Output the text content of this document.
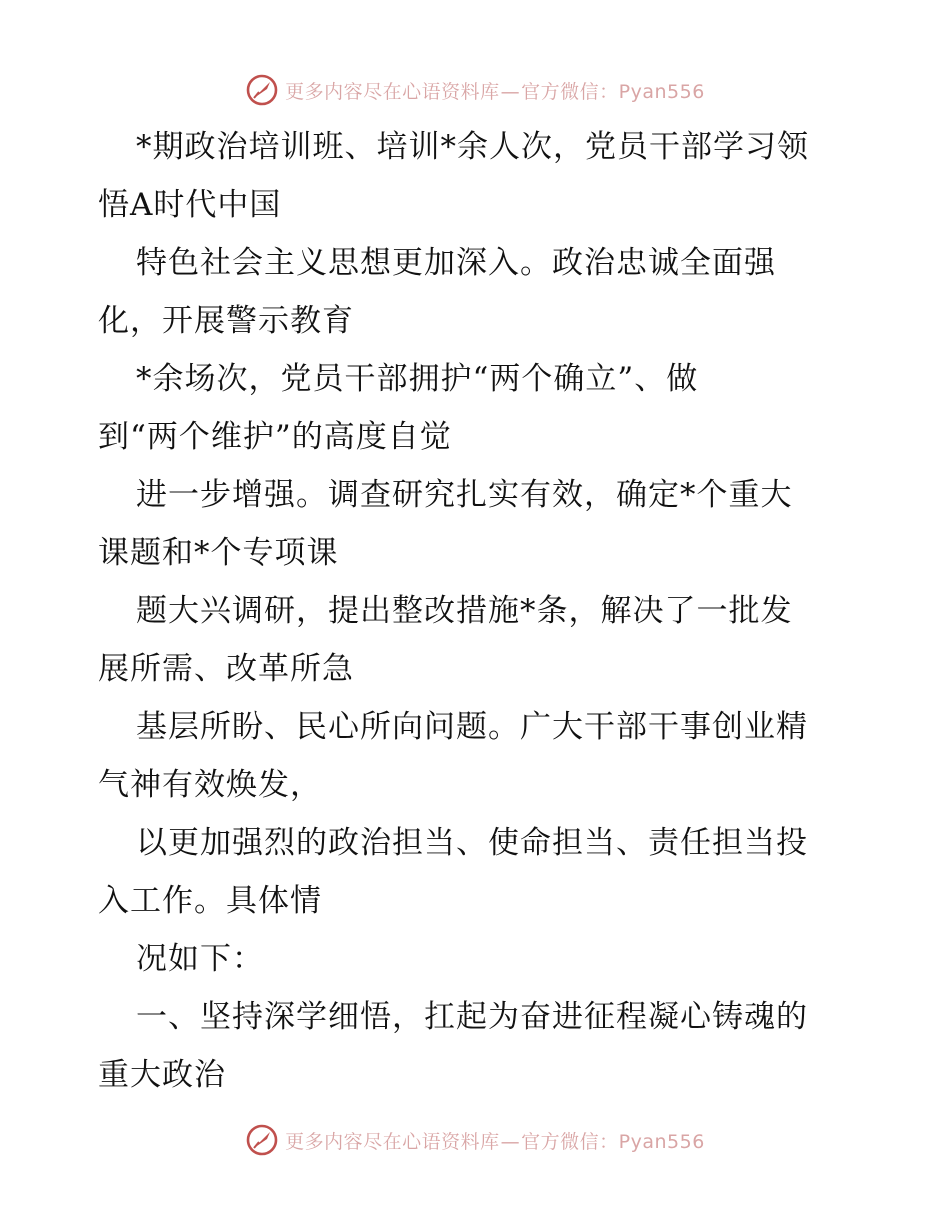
更多内容尽在心语资料库—官方微信：Pyan556
*期政治培训班、培训*余人次，党员干部学习领
悟A时代中国
特色社会主义思想更加深入。政治忠诚全面强
化，开展警示教育
*余场次，党员干部拥护“两个确立”、做
到“两个维护”的高度自觉
进一步增强。调查研究扎实有效，确定*个重大
课题和*个专项课
题大兴调研，提出整改措施*条，解决了一批发
展所需、改革所急
基层所盼、民心所向问题。广大干部干事创业精
气神有效焕发，
以更加强烈的政治担当、使命担当、责任担当投
入工作。具体情
况如下：
一、坚持深学细悟，扛起为奋进征程凝心铸魂的
重大政治
更多内容尽在心语资料库—官方微信：Pyan556
